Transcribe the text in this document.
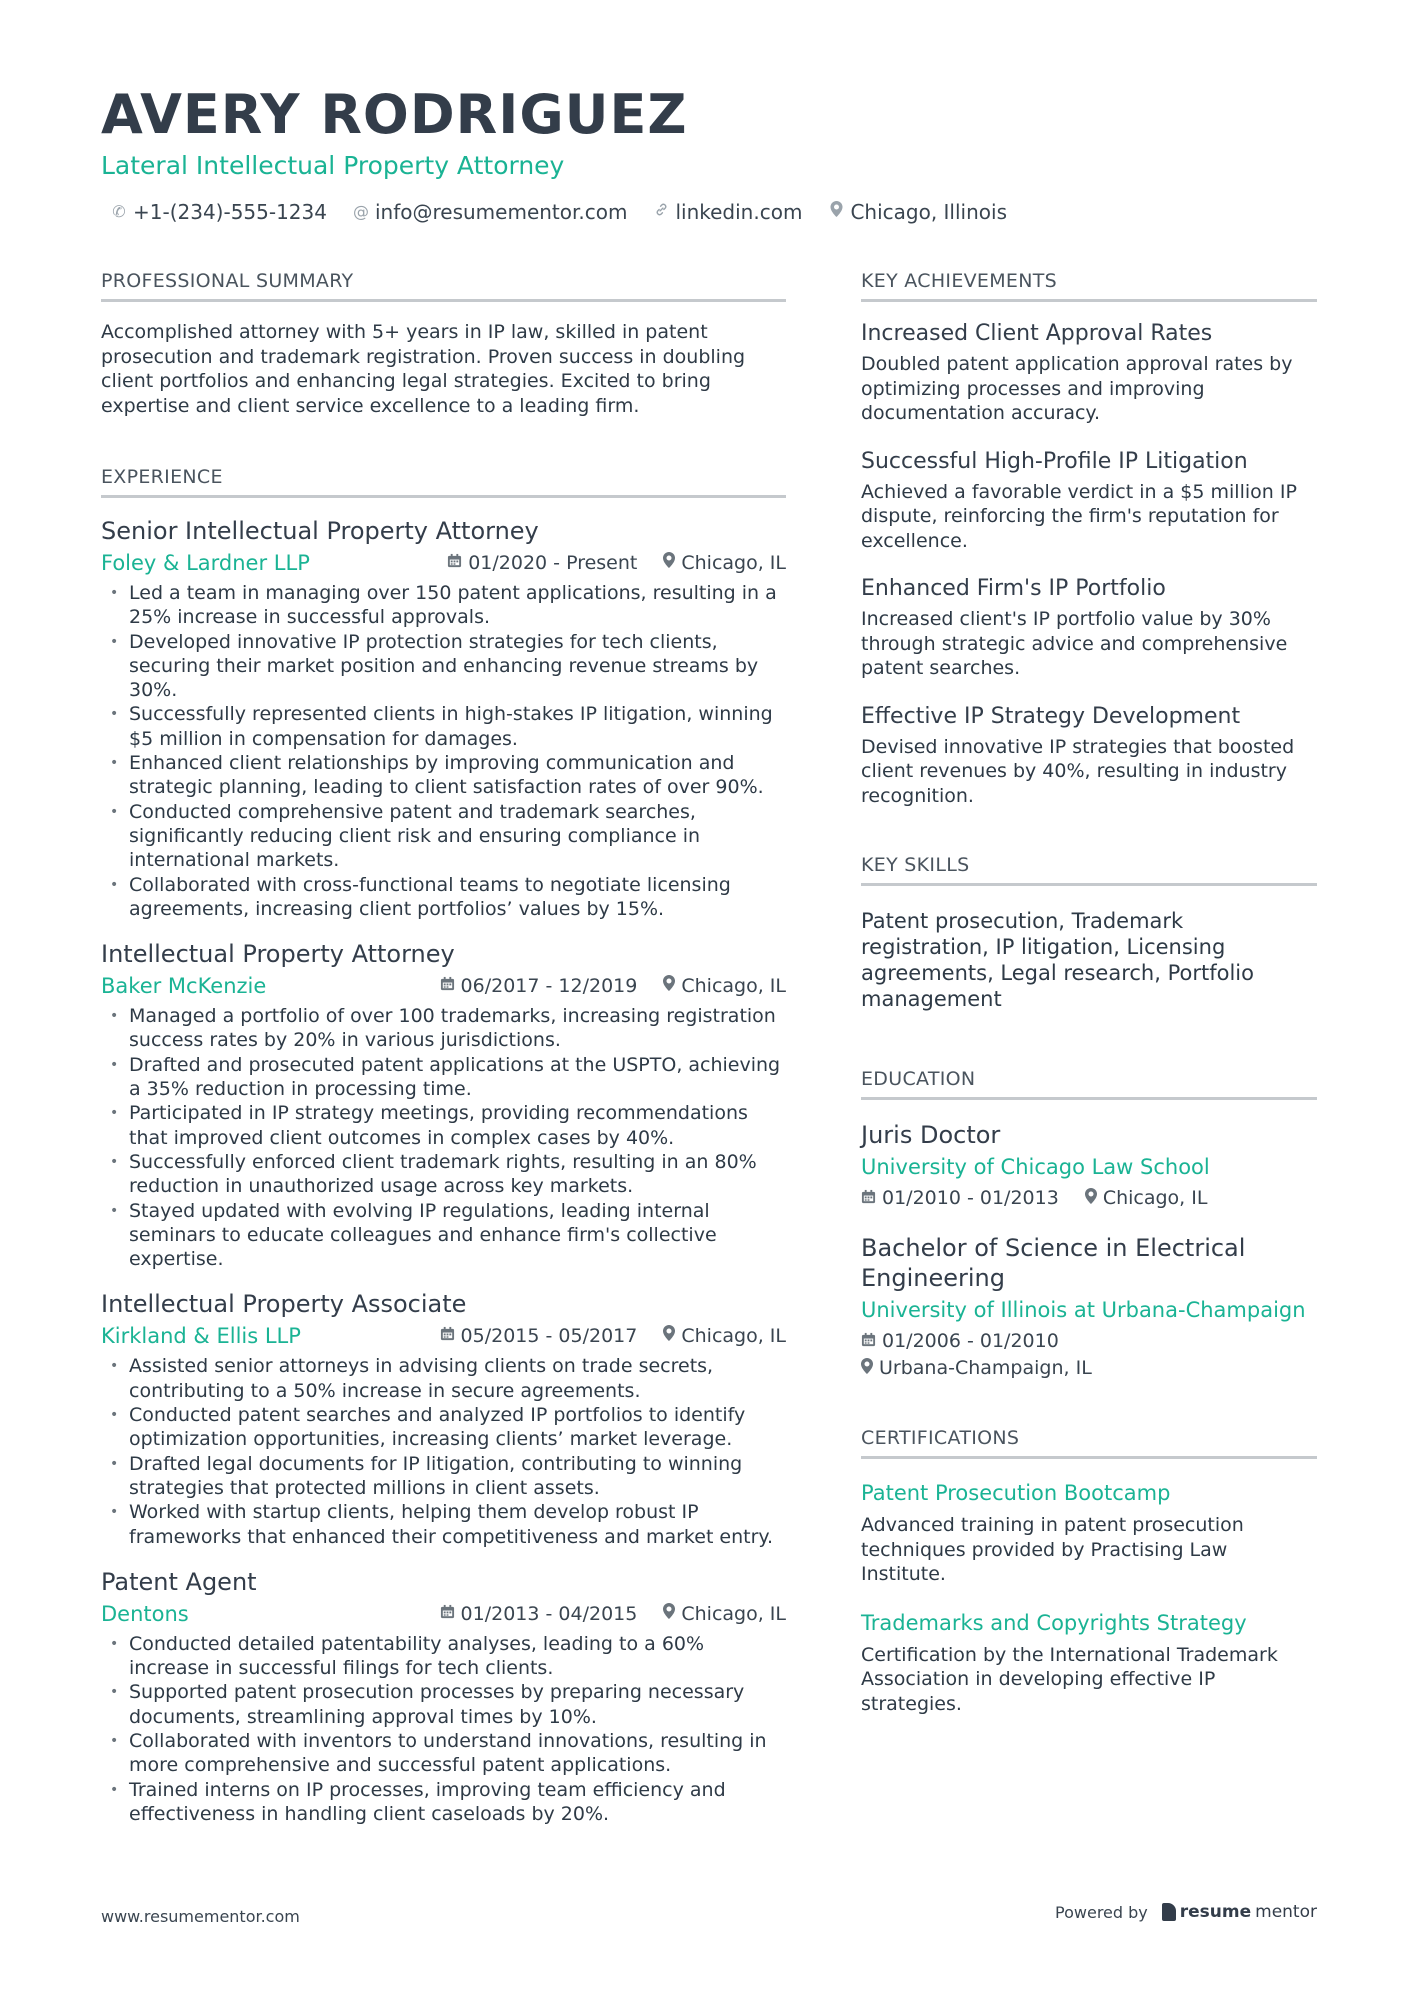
AVERY RODRIGUEZ
Lateral Intellectual Property Attorney
✆ +1-(234)-555-1234 @ info@resumementor.com linkedin.com Chicago, Illinois
PROFESSIONAL SUMMARY
Accomplished attorney with 5+ years in IP law, skilled in patent prosecution and trademark registration. Proven success in doubling client portfolios and enhancing legal strategies. Excited to bring expertise and client service excellence to a leading firm.
EXPERIENCE
Senior Intellectual Property Attorney
Foley & Lardner LLP	01/2020 - Present Chicago, IL
• Led a team in managing over 150 patent applications, resulting in a 25% increase in successful approvals.
• Developed innovative IP protection strategies for tech clients, securing their market position and enhancing revenue streams by 30%.
• Successfully represented clients in high-stakes IP litigation, winning $5 million in compensation for damages.
• Enhanced client relationships by improving communication and strategic planning, leading to client satisfaction rates of over 90%.
• Conducted comprehensive patent and trademark searches, significantly reducing client risk and ensuring compliance in international markets.
• Collaborated with cross-functional teams to negotiate licensing agreements, increasing client portfolios’ values by 15%.
Intellectual Property Attorney
Baker McKenzie	06/2017 - 12/2019 Chicago, IL
• Managed a portfolio of over 100 trademarks, increasing registration success rates by 20% in various jurisdictions.
• Drafted and prosecuted patent applications at the USPTO, achieving a 35% reduction in processing time.
• Participated in IP strategy meetings, providing recommendations that improved client outcomes in complex cases by 40%.
• Successfully enforced client trademark rights, resulting in an 80% reduction in unauthorized usage across key markets.
• Stayed updated with evolving IP regulations, leading internal seminars to educate colleagues and enhance firm's collective expertise.
Intellectual Property Associate
Kirkland & Ellis LLP	05/2015 - 05/2017 Chicago, IL
• Assisted senior attorneys in advising clients on trade secrets, contributing to a 50% increase in secure agreements.
• Conducted patent searches and analyzed IP portfolios to identify optimization opportunities, increasing clients’ market leverage.
• Drafted legal documents for IP litigation, contributing to winning strategies that protected millions in client assets.
• Worked with startup clients, helping them develop robust IP frameworks that enhanced their competitiveness and market entry.
Patent Agent
Dentons	01/2013 - 04/2015 Chicago, IL
• Conducted detailed patentability analyses, leading to a 60% increase in successful filings for tech clients.
• Supported patent prosecution processes by preparing necessary documents, streamlining approval times by 10%.
• Collaborated with inventors to understand innovations, resulting in more comprehensive and successful patent applications.
• Trained interns on IP processes, improving team efficiency and effectiveness in handling client caseloads by 20%.
KEY ACHIEVEMENTS
Increased Client Approval Rates
Doubled patent application approval rates by optimizing processes and improving documentation accuracy.
Successful High-Profile IP Litigation
Achieved a favorable verdict in a $5 million IP dispute, reinforcing the firm's reputation for excellence.
Enhanced Firm's IP Portfolio
Increased client's IP portfolio value by 30% through strategic advice and comprehensive patent searches.
Effective IP Strategy Development
Devised innovative IP strategies that boosted client revenues by 40%, resulting in industry recognition.
KEY SKILLS
Patent prosecution, Trademark registration, IP litigation, Licensing agreements, Legal research, Portfolio management
EDUCATION
Juris Doctor
University of Chicago Law School
01/2010 - 01/2013 Chicago, IL
Bachelor of Science in Electrical Engineering
University of Illinois at Urbana-Champaign
01/2006 - 01/2010
Urbana-Champaign, IL
CERTIFICATIONS
Patent Prosecution Bootcamp
Advanced training in patent prosecution techniques provided by Practising Law Institute.
Trademarks and Copyrights Strategy
Certification by the International Trademark Association in developing effective IP strategies.
www.resumementor.com	Powered by resume mentor
